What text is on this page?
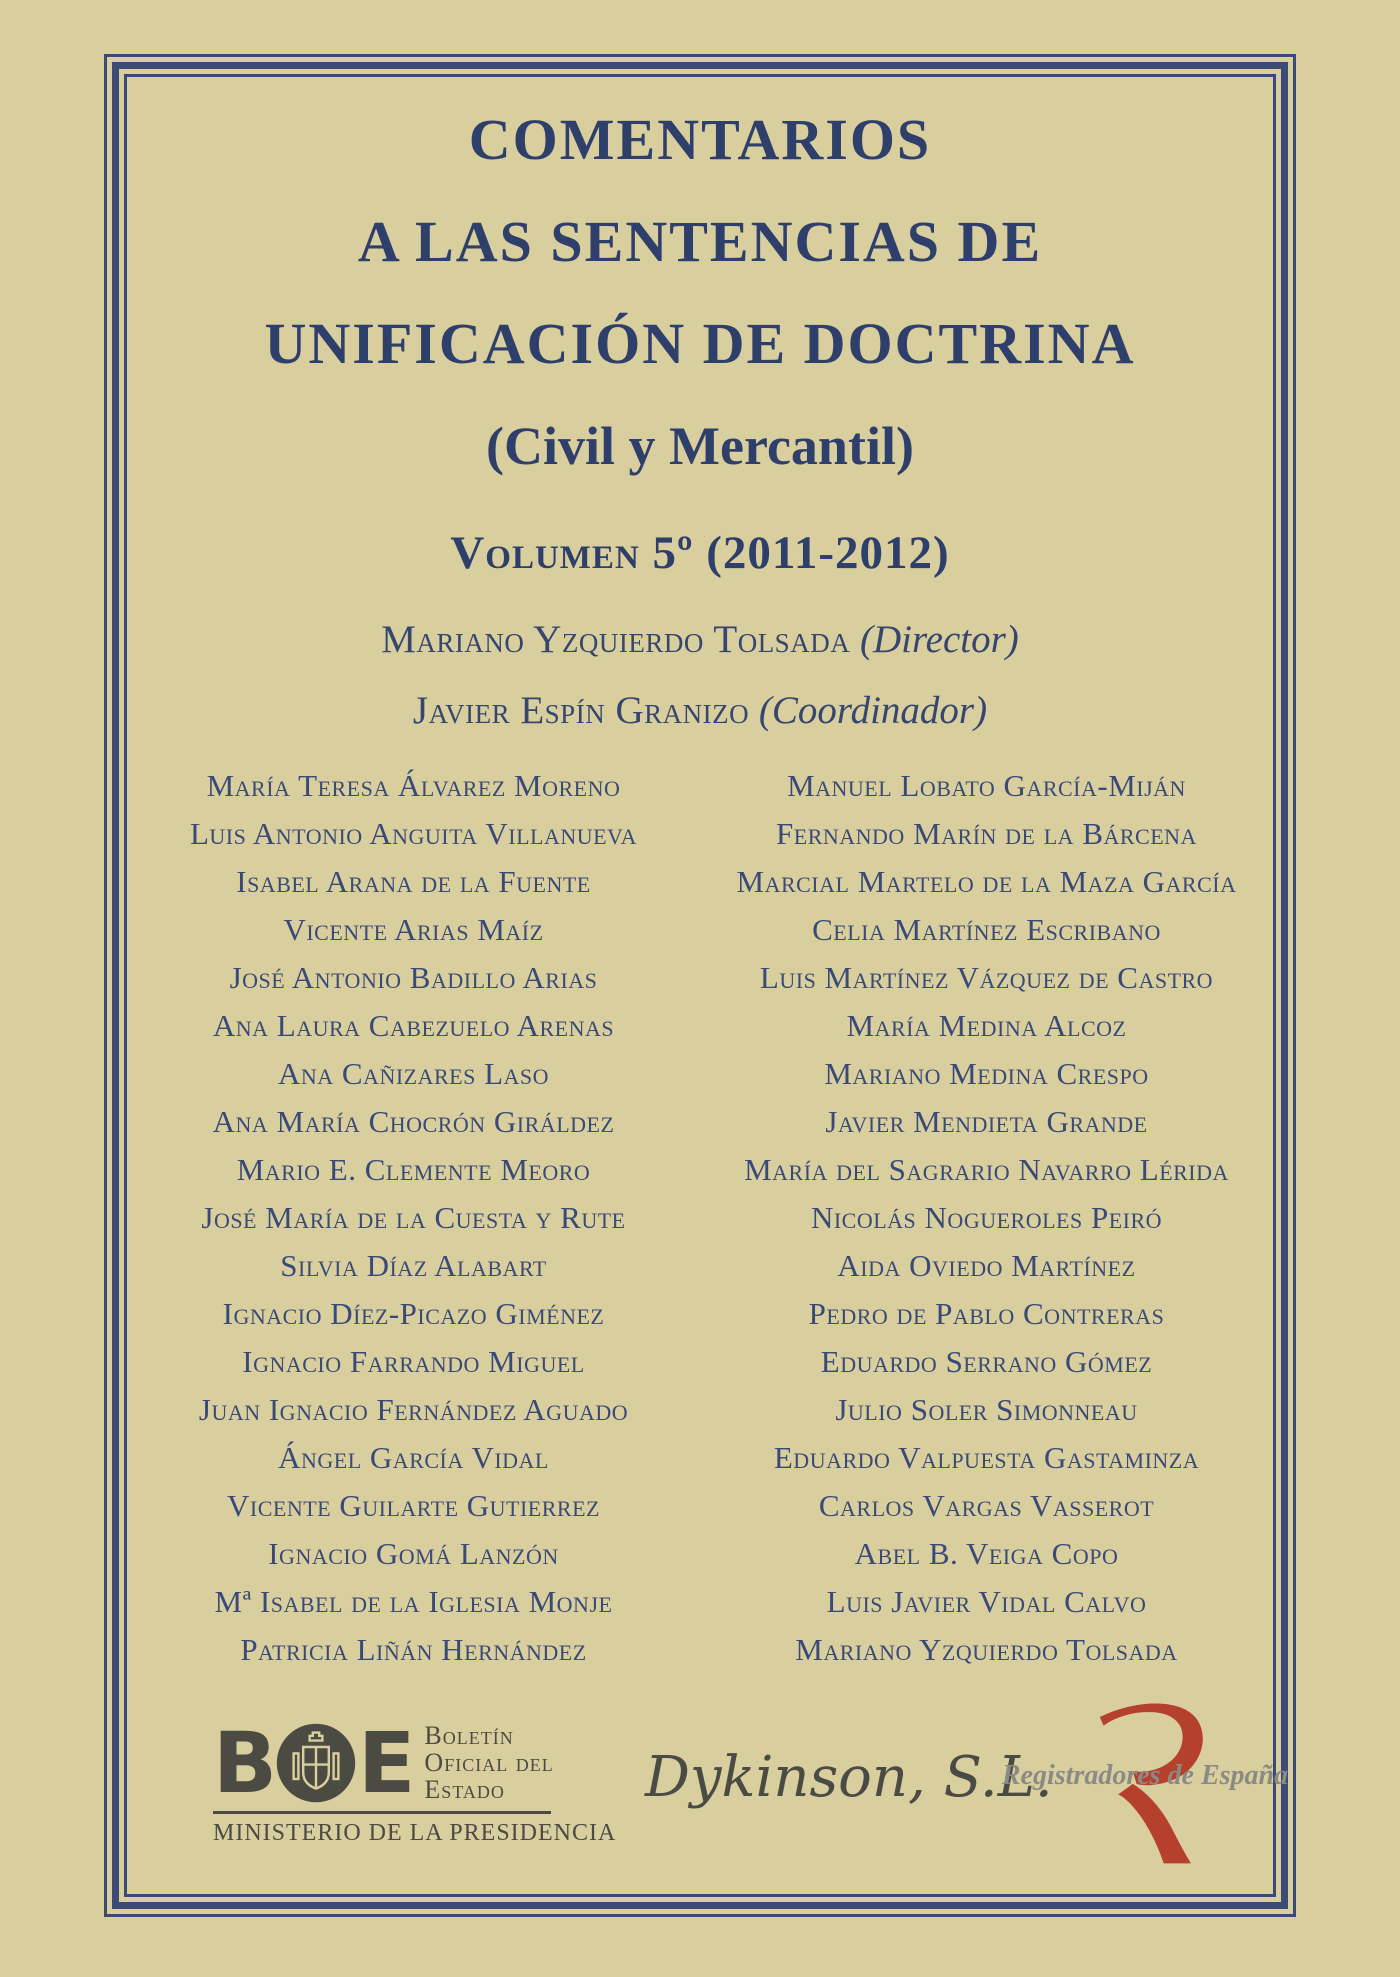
COMENTARIOS
A LAS SENTENCIAS DE
UNIFICACIÓN DE DOCTRINA
(Civil y Mercantil)
Volumen 5º (2011-2012)
Mariano Yzquierdo Tolsada (Director)
Javier Espín Granizo (Coordinador)
María Teresa Álvarez Moreno
Luis Antonio Anguita Villanueva
Isabel Arana de la Fuente
Vicente Arias Maíz
José Antonio Badillo Arias
Ana Laura Cabezuelo Arenas
Ana Cañizares Laso
Ana María Chocrón Giráldez
Mario E. Clemente Meoro
José María de la Cuesta y Rute
Silvia Díaz Alabart
Ignacio Díez-Picazo Giménez
Ignacio Farrando Miguel
Juan Ignacio Fernández Aguado
Ángel García Vidal
Vicente Guilarte Gutierrez
Ignacio Gomá Lanzón
Mª Isabel de la Iglesia Monje
Patricia Liñán Hernández
Manuel Lobato García-Miján
Fernando Marín de la Bárcena
Marcial Martelo de la Maza García
Celia Martínez Escribano
Luis Martínez Vázquez de Castro
María Medina Alcoz
Mariano Medina Crespo
Javier Mendieta Grande
María del Sagrario Navarro Lérida
Nicolás Nogueroles Peiró
Aida Oviedo Martínez
Pedro de Pablo Contreras
Eduardo Serrano Gómez
Julio Soler Simonneau
Eduardo Valpuesta Gastaminza
Carlos Vargas Vasserot
Abel B. Veiga Copo
Luis Javier Vidal Calvo
Mariano Yzquierdo Tolsada
B E Boletín
Oficial del
Estado
MINISTERIO DE LA PRESIDENCIA
Dykinson, S.L.
Registradores de España
